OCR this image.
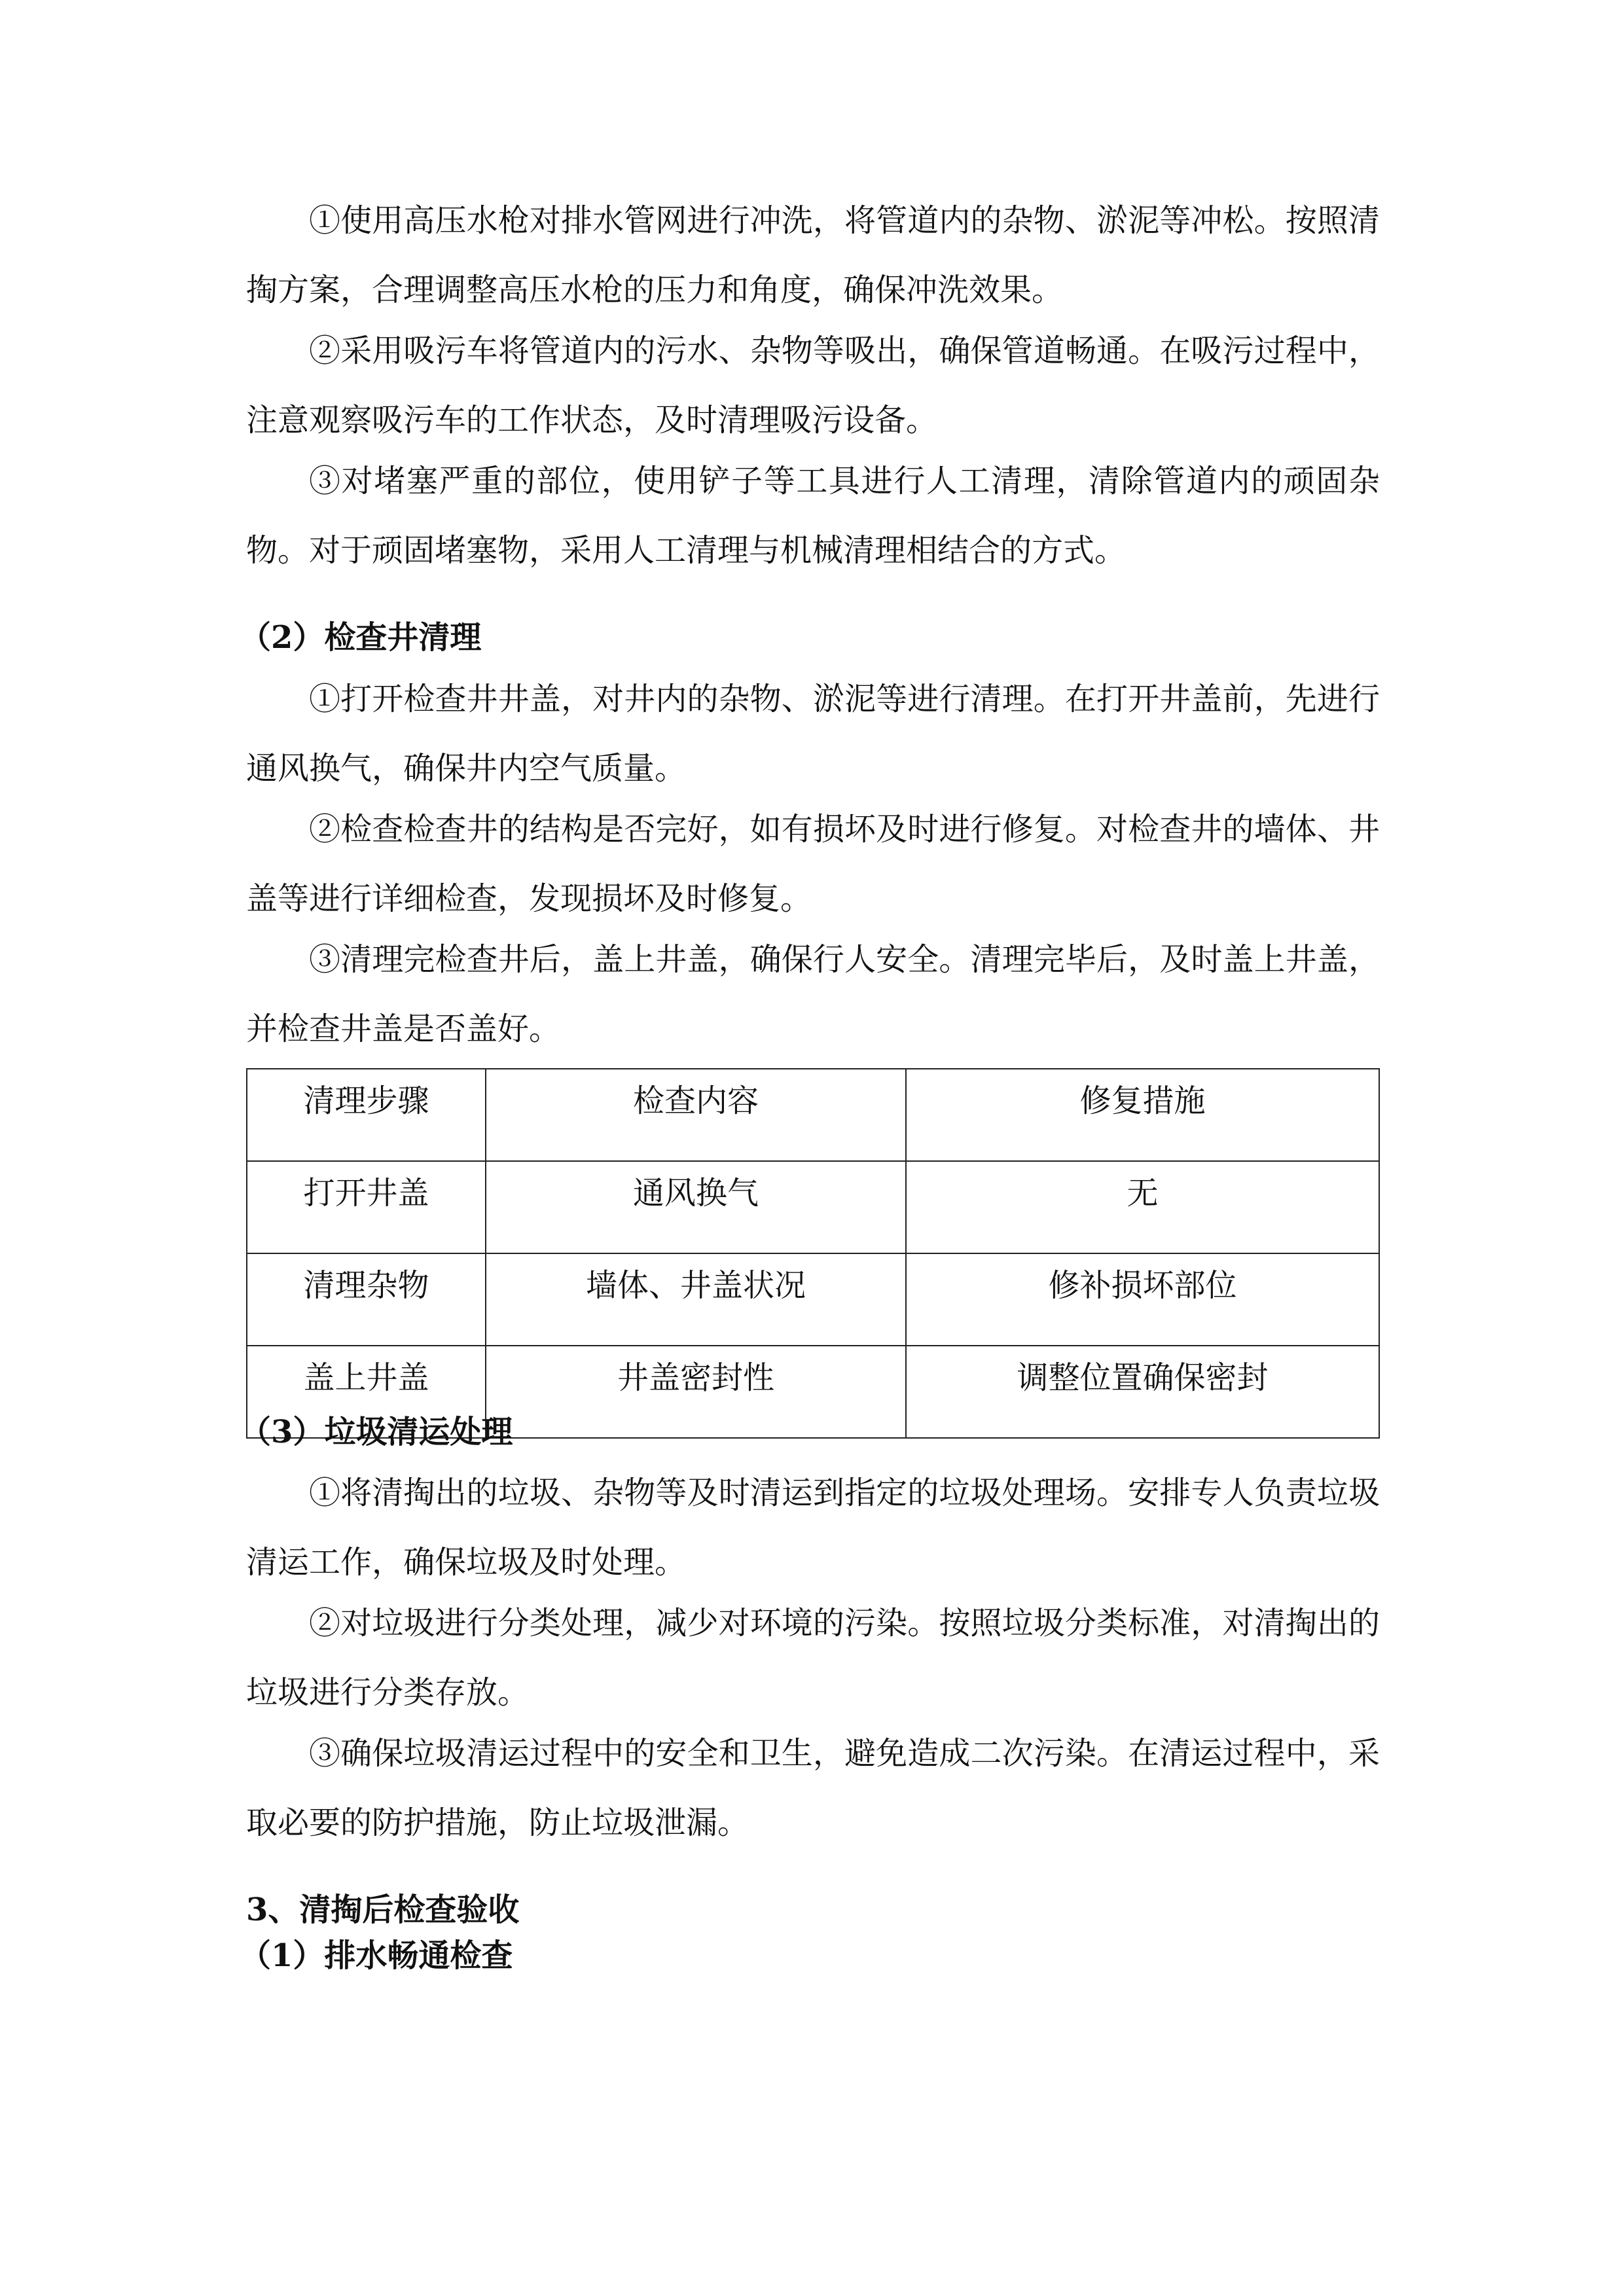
①使用高压水枪对排水管网进行冲洗，将管道内的杂物、淤泥等冲松。按照清掏方案，合理调整高压水枪的压力和角度，确保冲洗效果。

②采用吸污车将管道内的污水、杂物等吸出，确保管道畅通。在吸污过程中，注意观察吸污车的工作状态，及时清理吸污设备。

③对堵塞严重的部位，使用铲子等工具进行人工清理，清除管道内的顽固杂物。对于顽固堵塞物，采用人工清理与机械清理相结合的方式。

（2）检查井清理

①打开检查井井盖，对井内的杂物、淤泥等进行清理。在打开井盖前，先进行通风换气，确保井内空气质量。

②检查检查井的结构是否完好，如有损坏及时进行修复。对检查井的墙体、井盖等进行详细检查，发现损坏及时修复。

③清理完检查井后，盖上井盖，确保行人安全。清理完毕后，及时盖上井盖，并检查井盖是否盖好。

清理步骤	检查内容	修复措施
打开井盖	通风换气	无
清理杂物	墙体、井盖状况	修补损坏部位
盖上井盖	井盖密封性	调整位置确保密封
（3）垃圾清运处理

①将清掏出的垃圾、杂物等及时清运到指定的垃圾处理场。安排专人负责垃圾清运工作，确保垃圾及时处理。

②对垃圾进行分类处理，减少对环境的污染。按照垃圾分类标准，对清掏出的垃圾进行分类存放。

③确保垃圾清运过程中的安全和卫生，避免造成二次污染。在清运过程中，采取必要的防护措施，防止垃圾泄漏。

3、清掏后检查验收
（1）排水畅通检查
